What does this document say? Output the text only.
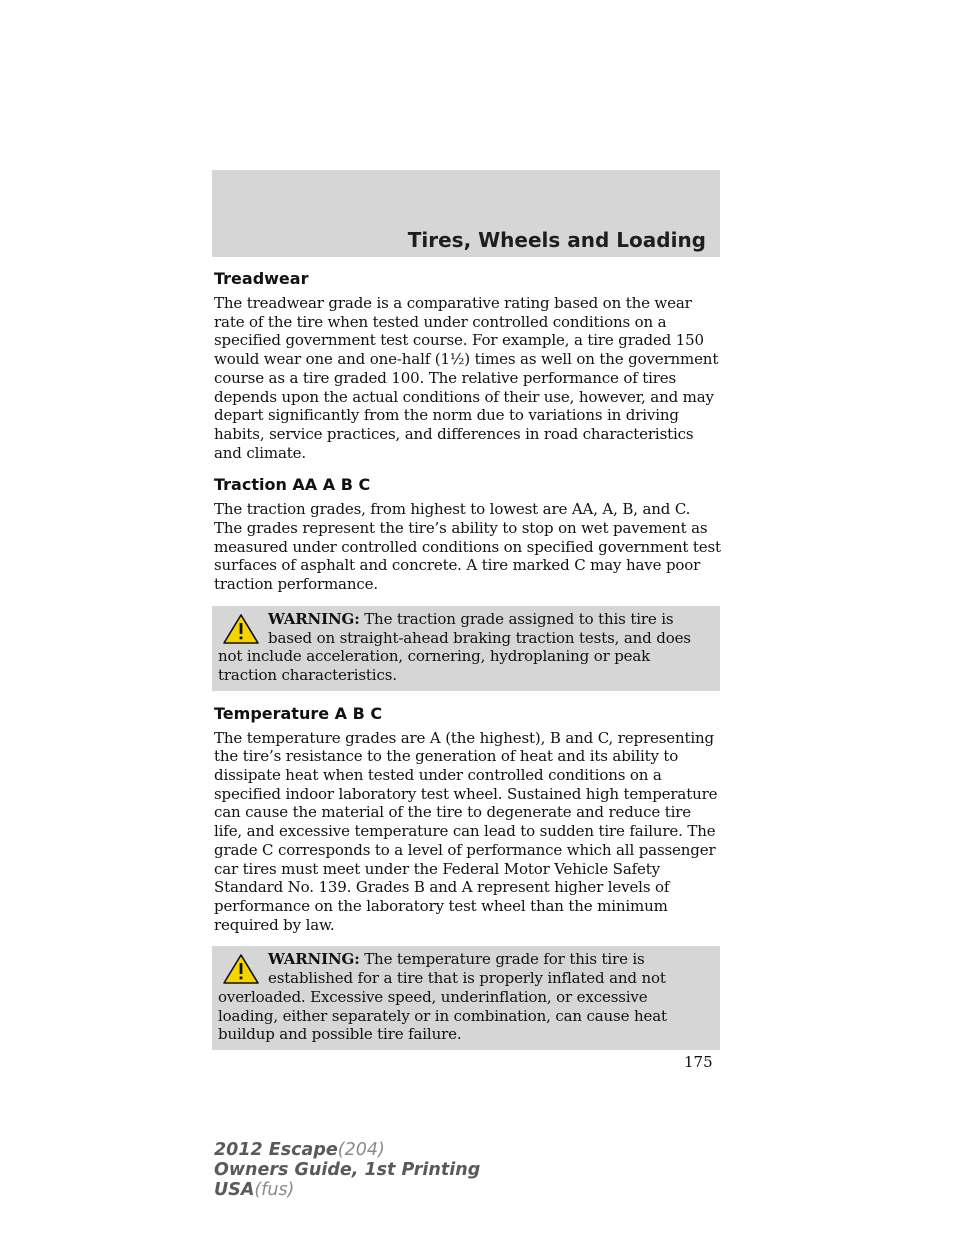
Tires, Wheels and Loading
Treadwear

The treadwear grade is a comparative rating based on the wear rate of the tire when tested under controlled conditions on a specified government test course. For example, a tire graded 150 would wear one and one-half (1½) times as well on the government course as a tire graded 100. The relative performance of tires depends upon the actual conditions of their use, however, and may depart significantly from the norm due to variations in driving habits, service practices, and differences in road characteristics and climate.

Traction AA A B C

The traction grades, from highest to lowest are AA, A, B, and C. The grades represent the tire’s ability to stop on wet pavement as measured under controlled conditions on specified government test surfaces of asphalt and concrete. A tire marked C may have poor traction performance.

WARNING: The traction grade assigned to this tire is based on straight-ahead braking traction tests, and does not include acceleration, cornering, hydroplaning or peak traction characteristics.
Temperature A B C

The temperature grades are A (the highest), B and C, representing the tire’s resistance to the generation of heat and its ability to dissipate heat when tested under controlled conditions on a specified indoor laboratory test wheel. Sustained high temperature can cause the material of the tire to degenerate and reduce tire life, and excessive temperature can lead to sudden tire failure. The grade C corresponds to a level of performance which all passenger car tires must meet under the Federal Motor Vehicle Safety Standard No. 139. Grades B and A represent higher levels of performance on the laboratory test wheel than the minimum required by law.

WARNING: The temperature grade for this tire is established for a tire that is properly inflated and not overloaded. Excessive speed, underinflation, or excessive loading, either separately or in combination, can cause heat buildup and possible tire failure.

175

2012 Escape(204)
Owners Guide, 1st Printing
USA(fus)
